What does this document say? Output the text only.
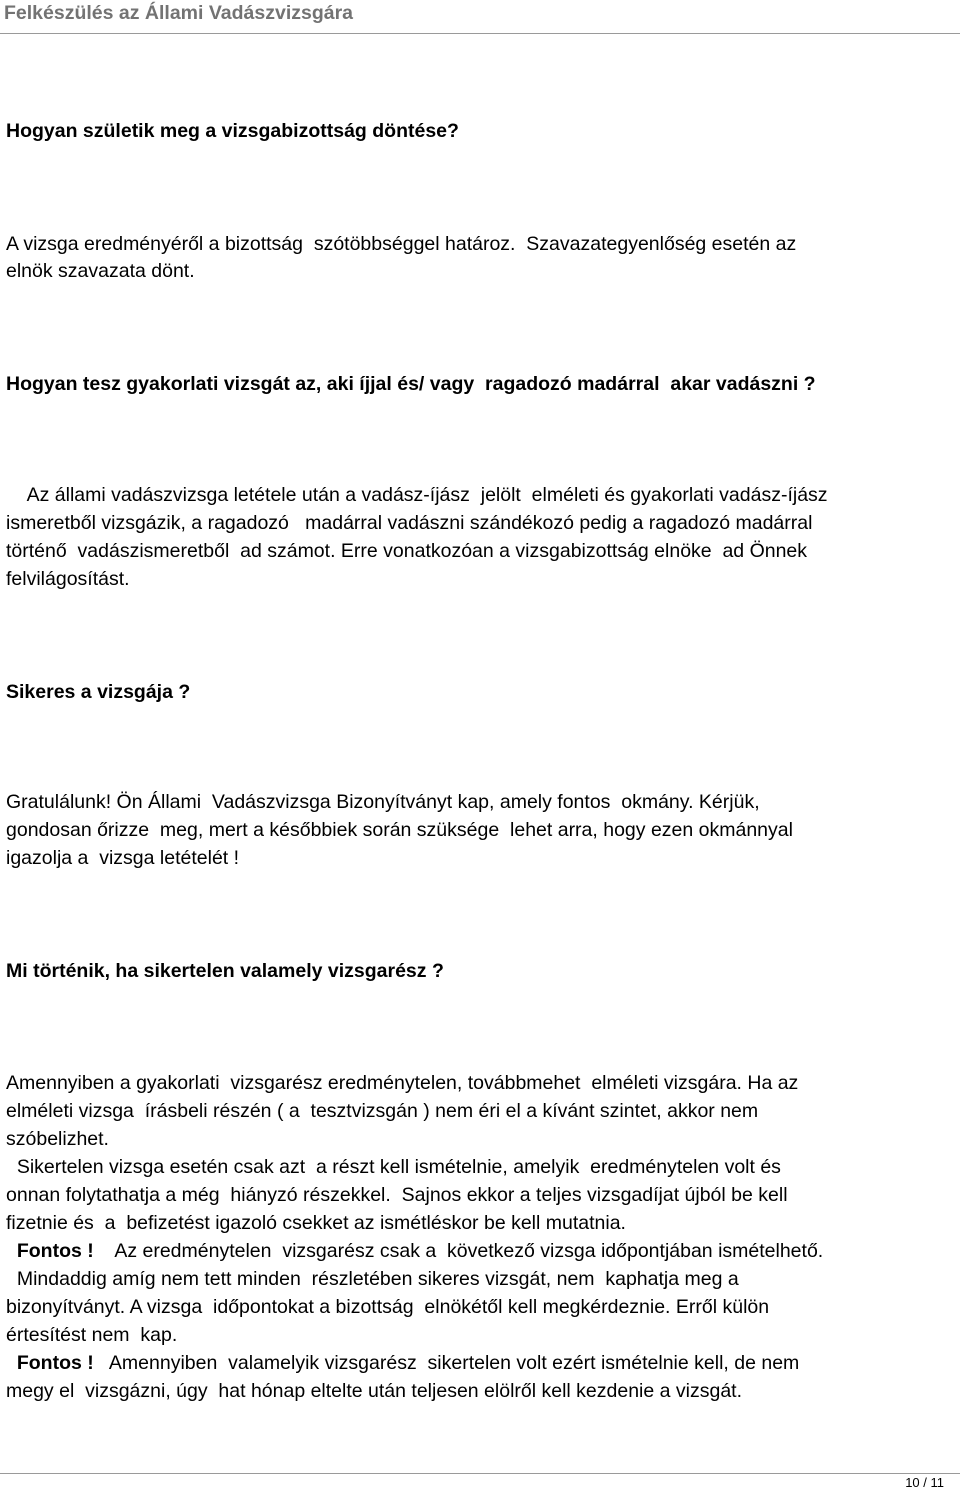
Felkészülés az Állami Vadászvizsgára
Hogyan születik meg a vizsgabizottság döntése?
A vizsga eredményéről a bizottság  szótöbbséggel határoz.  Szavazategyenlőség esetén az
elnök szavazata dönt.
Hogyan tesz gyakorlati vizsgát az, aki íjjal és/ vagy  ragadozó madárral  akar vadászni ?
Az állami vadászvizsga letétele után a vadász-íjász  jelölt  elméleti és gyakorlati vadász-íjász
ismeretből vizsgázik, a ragadozó   madárral vadászni szándékozó pedig a ragadozó madárral
történő  vadászismeretből  ad számot. Erre vonatkozóan a vizsgabizottság elnöke  ad Önnek
felvilágosítást.
Sikeres a vizsgája ?
Gratulálunk! Ön Állami  Vadászvizsga Bizonyítványt kap, amely fontos  okmány. Kérjük,
gondosan őrizze  meg, mert a későbbiek során szüksége  lehet arra, hogy ezen okmánnyal
igazolja a  vizsga letételét !
Mi történik, ha sikertelen valamely vizsgarész ?
Amennyiben a gyakorlati  vizsgarész eredménytelen, továbbmehet  elméleti vizsgára. Ha az
elméleti vizsga  írásbeli részén ( a  tesztvizsgán ) nem éri el a kívánt szintet, akkor nem
szóbelizhet.
Sikertelen vizsga esetén csak azt  a részt kell ismételnie, amelyik  eredménytelen volt és
onnan folytathatja a még  hiányzó részekkel.  Sajnos ekkor a teljes vizsgadíjat újból be kell
fizetnie és  a  befizetést igazoló csekket az ismétléskor be kell mutatnia.
Fontos !    Az eredménytelen  vizsgarész csak a  következő vizsga időpontjában ismételhető.
Mindaddig amíg nem tett minden  részletében sikeres vizsgát, nem  kaphatja meg a
bizonyítványt. A vizsga  időpontokat a bizottság  elnökétől kell megkérdeznie. Erről külön
értesítést nem  kap.
Fontos !   Amennyiben  valamelyik vizsgarész  sikertelen volt ezért ismételnie kell, de nem
megy el  vizsgázni, úgy  hat hónap eltelte után teljesen elölről kell kezdenie a vizsgát.
10 / 11
